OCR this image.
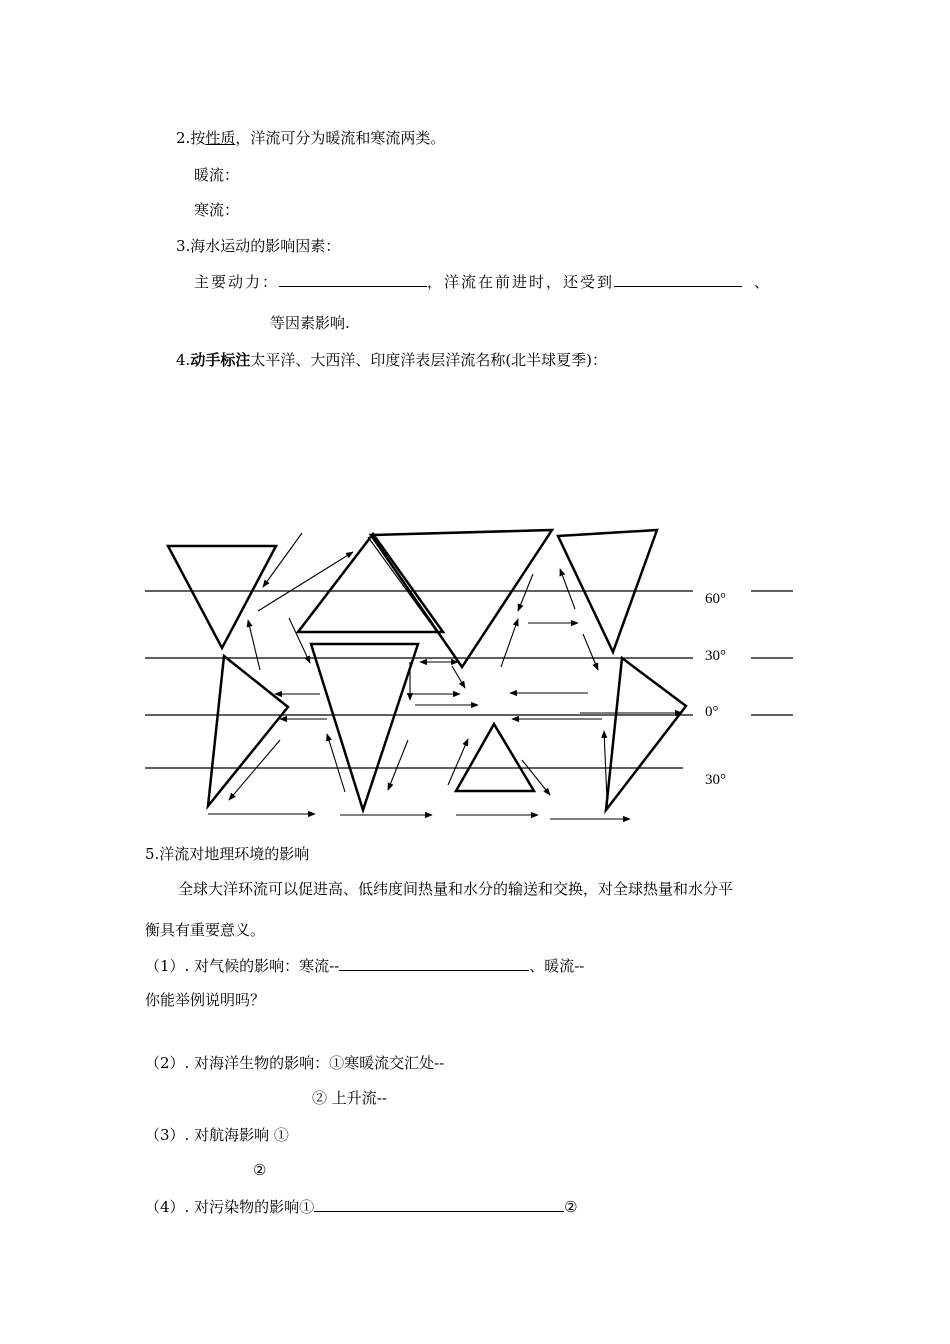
2.按性质，洋流可分为暖流和寒流两类。
暖流：
寒流：
3.海水运动的影响因素：
主要动力：	，洋流在前进时，还受到	、
等因素影响.
4.动手标注太平洋、大西洋、印度洋表层洋流名称(北半球夏季)：
60°
30°
0°
30°
5.洋流对地理环境的影响
全球大洋环流可以促进高、低纬度间热量和水分的输送和交换，对全球热量和水分平
衡具有重要意义。
（1）. 对气候的影响：寒流--	、暖流--
你能举例说明吗？
（2）. 对海洋生物的影响：①寒暖流交汇处--
② 上升流--
（3）. 对航海影响 ①
②
（4）. 对污染物的影响①	②
